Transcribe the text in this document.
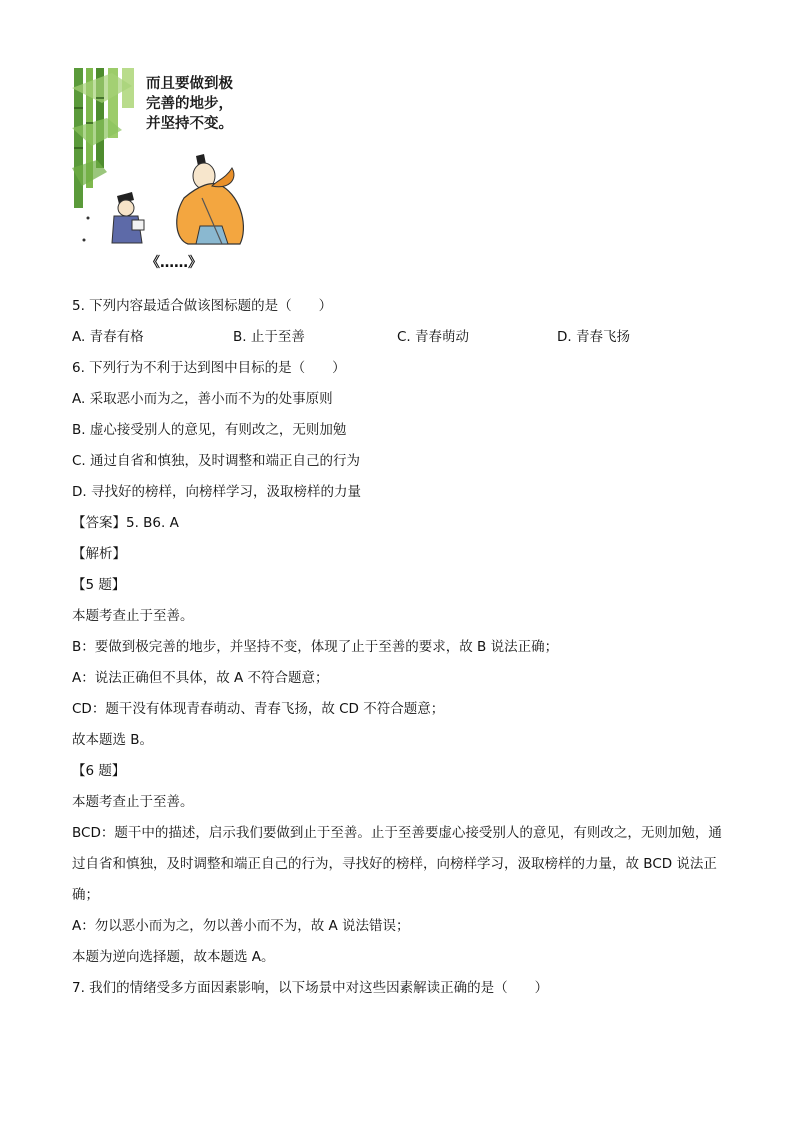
而且要做到极
完善的地步，
并坚持不变。
《……》
5. 下列内容最适合做该图标题的是（　　）
A. 青春有格	B. 止于至善	C. 青春萌动	D. 青春飞扬
6. 下列行为不利于达到图中目标的是（　　）
A. 采取恶小而为之，善小而不为的处事原则
B. 虚心接受别人的意见，有则改之，无则加勉
C. 通过自省和慎独，及时调整和端正自己的行为
D. 寻找好的榜样，向榜样学习，汲取榜样的力量
【答案】5. B6. A
【解析】
【5 题】
本题考查止于至善。
B：要做到极完善的地步，并坚持不变，体现了止于至善的要求，故 B 说法正确；
A：说法正确但不具体，故 A 不符合题意；
CD：题干没有体现青春萌动、青春飞扬，故 CD 不符合题意；
故本题选 B。
【6 题】
本题考查止于至善。
BCD：题干中的描述，启示我们要做到止于至善。止于至善要虚心接受别人的意见，有则改之，无则加勉，通过自省和慎独，及时调整和端正自己的行为，寻找好的榜样，向榜样学习，汲取榜样的力量，故 BCD 说法正确；
A：勿以恶小而为之，勿以善小而不为，故 A 说法错误；
本题为逆向选择题，故本题选 A。
7. 我们的情绪受多方面因素影响，以下场景中对这些因素解读正确的是（　　）
